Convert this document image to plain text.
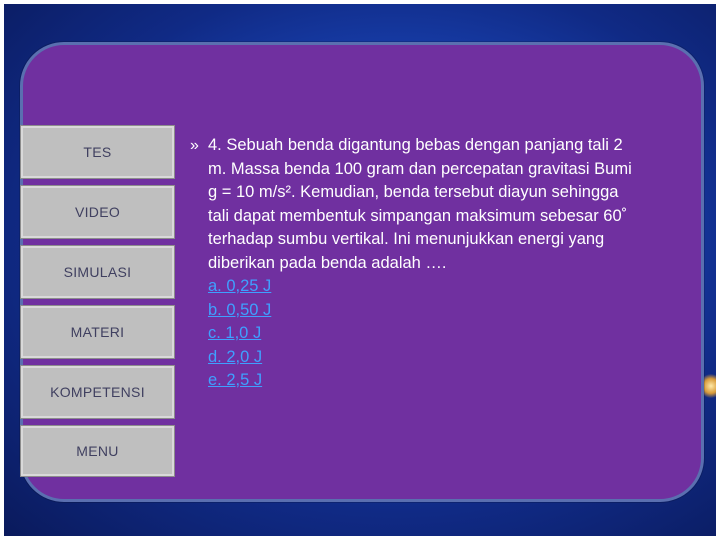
TES
VIDEO
SIMULASI
MATERI
KOMPETENSI
MENU
» 4. Sebuah benda digantung bebas dengan panjang tali 2
m. Massa benda 100 gram dan percepatan gravitasi Bumi
g = 10 m/s². Kemudian, benda tersebut diayun sehingga
tali dapat membentuk simpangan maksimum sebesar 60˚
terhadap sumbu vertikal. Ini menunjukkan energi yang
diberikan pada benda adalah ….
a. 0,25 J
b. 0,50 J
c. 1,0 J
d. 2,0 J
e. 2,5 J
